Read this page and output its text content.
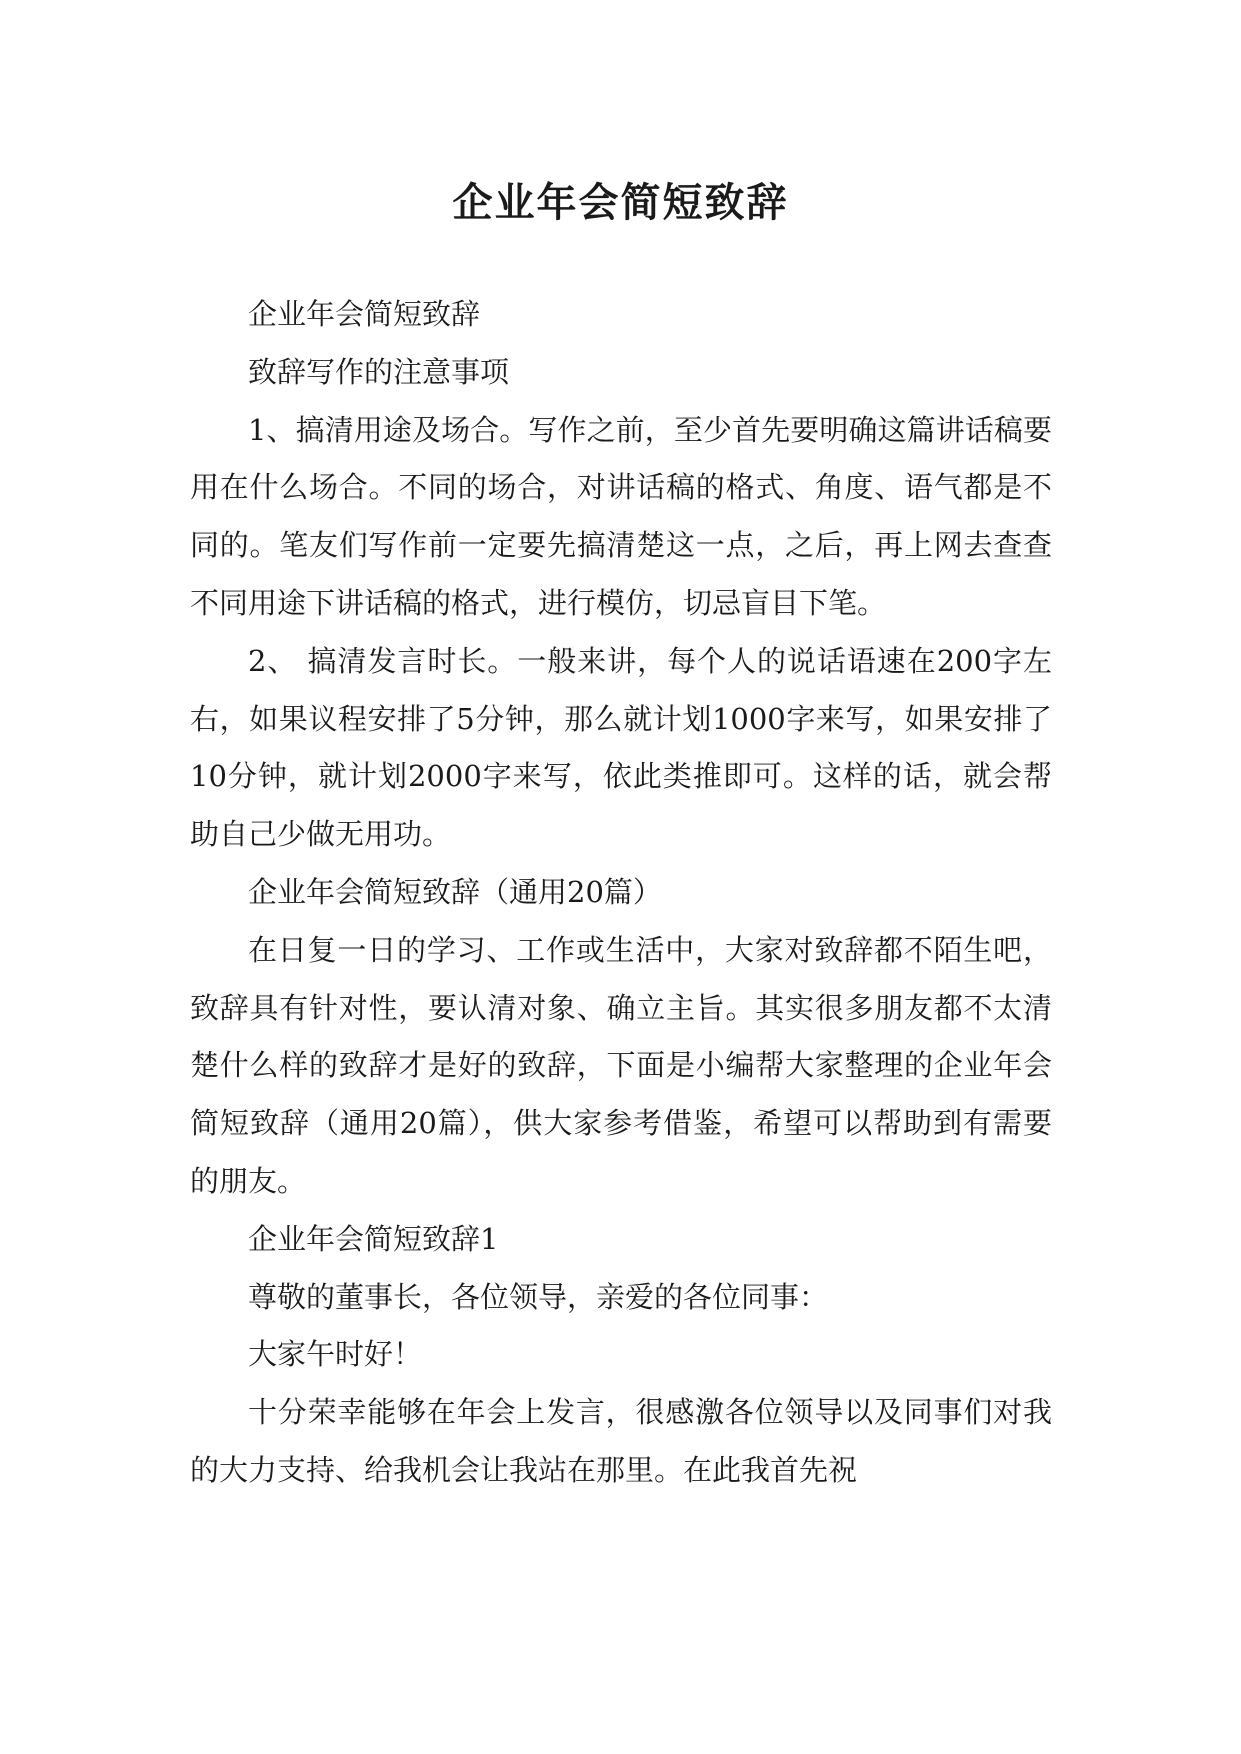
企业年会简短致辞

企业年会简短致辞

致辞写作的注意事项

1、搞清用途及场合。写作之前，至少首先要明确这篇讲话稿要用在什么场合。不同的场合，对讲话稿的格式、角度、语气都是不同的。笔友们写作前一定要先搞清楚这一点，之后，再上网去查查不同用途下讲话稿的格式，进行模仿，切忌盲目下笔。

2、 搞清发言时长。一般来讲，每个人的说话语速在200字左右，如果议程安排了5分钟，那么就计划1000字来写，如果安排了10分钟，就计划2000字来写，依此类推即可。这样的话，就会帮助自己少做无用功。

企业年会简短致辞（通用20篇）

在日复一日的学习、工作或生活中，大家对致辞都不陌生吧，致辞具有针对性，要认清对象、确立主旨。其实很多朋友都不太清楚什么样的致辞才是好的致辞，下面是小编帮大家整理的企业年会简短致辞（通用20篇），供大家参考借鉴，希望可以帮助到有需要的朋友。

企业年会简短致辞1

尊敬的董事长，各位领导，亲爱的各位同事：

大家午时好！

十分荣幸能够在年会上发言，很感激各位领导以及同事们对我的大力支持、给我机会让我站在那里。在此我首先祝
